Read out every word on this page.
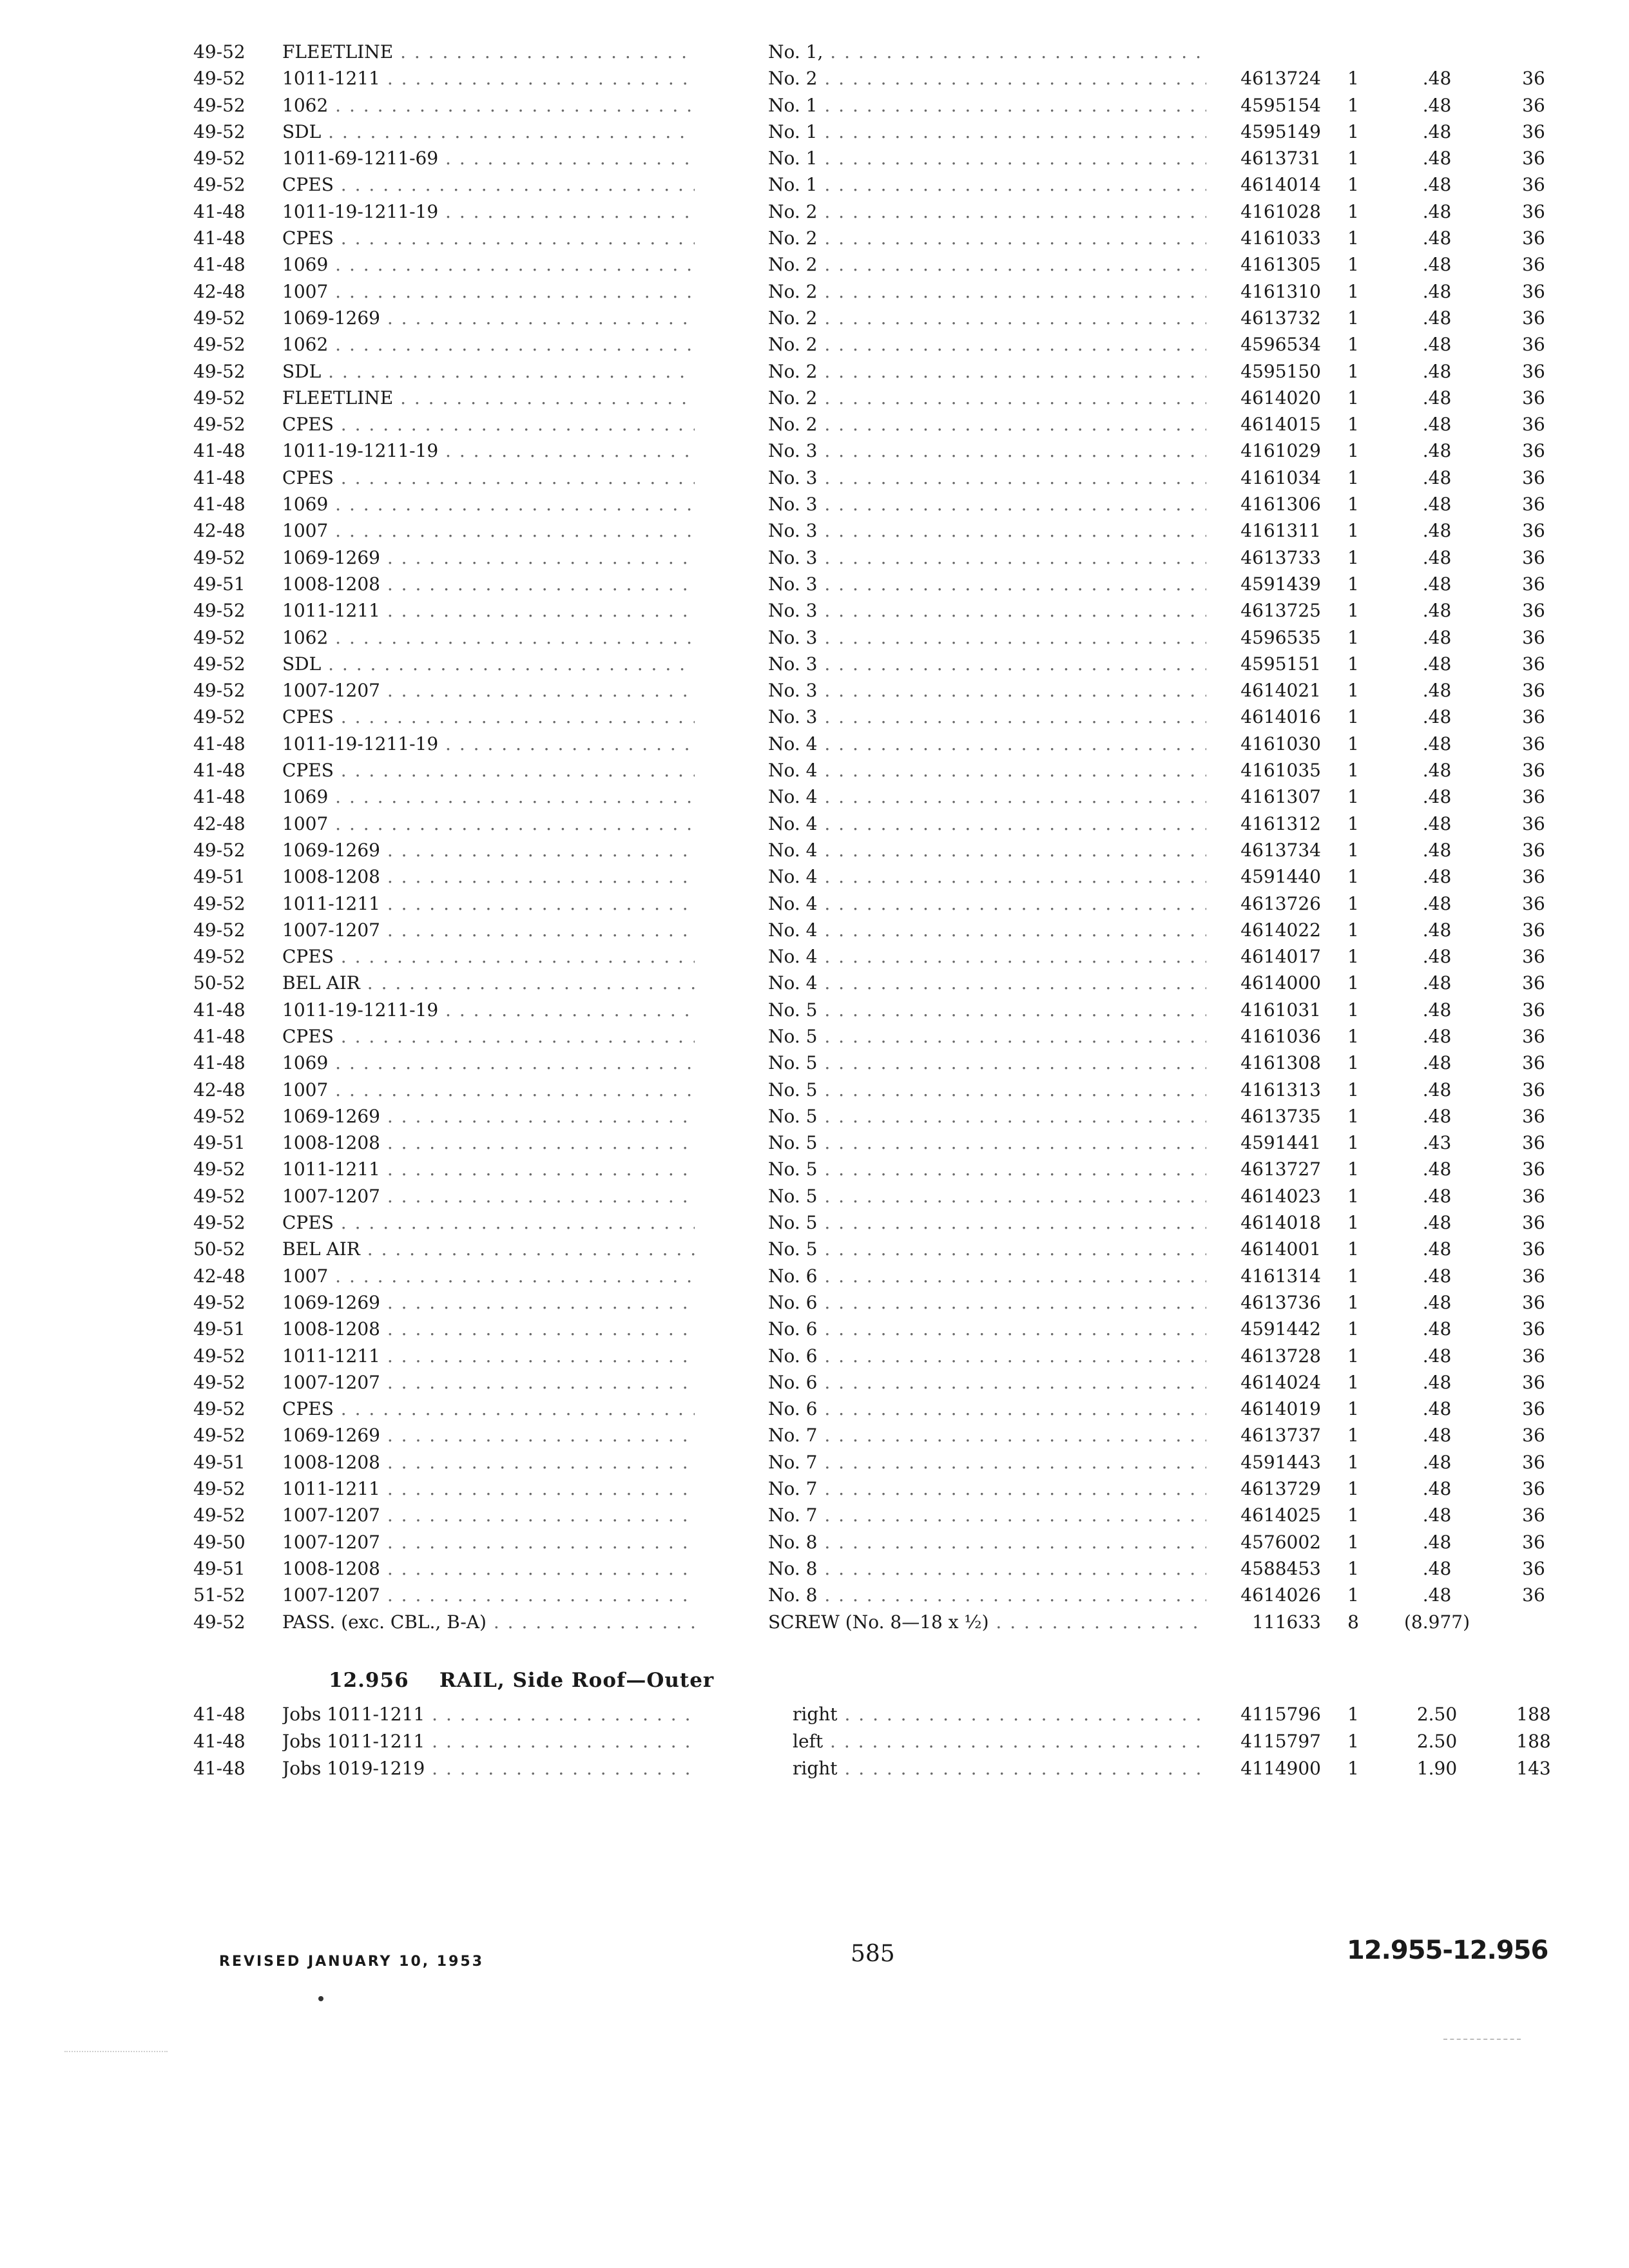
49-52	FLEETLINE . . .	No. 1, . . .
49-52	1011-1211 . . .	No. 2 . . .	4613724	1	.48	36
49-52	1062 . . .	No. 1 . . .	4595154	1	.48	36
49-52	SDL . . .	No. 1 . . .	4595149	1	.48	36
49-52	1011-69-1211-69 . . .	No. 1 . . .	4613731	1	.48	36
49-52	CPES . . .	No. 1 . . .	4614014	1	.48	36
41-48	1011-19-1211-19 . . .	No. 2 . . .	4161028	1	.48	36
41-48	CPES . . .	No. 2 . . .	4161033	1	.48	36
41-48	1069 . . .	No. 2 . . .	4161305	1	.48	36
42-48	1007 . . .	No. 2 . . .	4161310	1	.48	36
49-52	1069-1269 . . .	No. 2 . . .	4613732	1	.48	36
49-52	1062 . . .	No. 2 . . .	4596534	1	.48	36
49-52	SDL . . .	No. 2 . . .	4595150	1	.48	36
49-52	FLEETLINE . . .	No. 2 . . .	4614020	1	.48	36
49-52	CPES . . .	No. 2 . . .	4614015	1	.48	36
41-48	1011-19-1211-19 . . .	No. 3 . . .	4161029	1	.48	36
41-48	CPES . . .	No. 3 . . .	4161034	1	.48	36
41-48	1069 . . .	No. 3 . . .	4161306	1	.48	36
42-48	1007 . . .	No. 3 . . .	4161311	1	.48	36
49-52	1069-1269 . . .	No. 3 . . .	4613733	1	.48	36
49-51	1008-1208 . . .	No. 3 . . .	4591439	1	.48	36
49-52	1011-1211 . . .	No. 3 . . .	4613725	1	.48	36
49-52	1062 . . .	No. 3 . . .	4596535	1	.48	36
49-52	SDL . . .	No. 3 . . .	4595151	1	.48	36
49-52	1007-1207 . . .	No. 3 . . .	4614021	1	.48	36
49-52	CPES . . .	No. 3 . . .	4614016	1	.48	36
41-48	1011-19-1211-19 . . .	No. 4 . . .	4161030	1	.48	36
41-48	CPES . . .	No. 4 . . .	4161035	1	.48	36
41-48	1069 . . .	No. 4 . . .	4161307	1	.48	36
42-48	1007 . . .	No. 4 . . .	4161312	1	.48	36
49-52	1069-1269 . . .	No. 4 . . .	4613734	1	.48	36
49-51	1008-1208 . . .	No. 4 . . .	4591440	1	.48	36
49-52	1011-1211 . . .	No. 4 . . .	4613726	1	.48	36
49-52	1007-1207 . . .	No. 4 . . .	4614022	1	.48	36
49-52	CPES . . .	No. 4 . . .	4614017	1	.48	36
50-52	BEL AIR . . .	No. 4 . . .	4614000	1	.48	36
41-48	1011-19-1211-19 . . .	No. 5 . . .	4161031	1	.48	36
41-48	CPES . . .	No. 5 . . .	4161036	1	.48	36
41-48	1069 . . .	No. 5 . . .	4161308	1	.48	36
42-48	1007 . . .	No. 5 . . .	4161313	1	.48	36
49-52	1069-1269 . . .	No. 5 . . .	4613735	1	.48	36
49-51	1008-1208 . . .	No. 5 . . .	4591441	1	.43	36
49-52	1011-1211 . . .	No. 5 . . .	4613727	1	.48	36
49-52	1007-1207 . . .	No. 5 . . .	4614023	1	.48	36
49-52	CPES . . .	No. 5 . . .	4614018	1	.48	36
50-52	BEL AIR . . .	No. 5 . . .	4614001	1	.48	36
42-48	1007 . . .	No. 6 . . .	4161314	1	.48	36
49-52	1069-1269 . . .	No. 6 . . .	4613736	1	.48	36
49-51	1008-1208 . . .	No. 6 . . .	4591442	1	.48	36
49-52	1011-1211 . . .	No. 6 . . .	4613728	1	.48	36
49-52	1007-1207 . . .	No. 6 . . .	4614024	1	.48	36
49-52	CPES . . .	No. 6 . . .	4614019	1	.48	36
49-52	1069-1269 . . .	No. 7 . . .	4613737	1	.48	36
49-51	1008-1208 . . .	No. 7 . . .	4591443	1	.48	36
49-52	1011-1211 . . .	No. 7 . . .	4613729	1	.48	36
49-52	1007-1207 . . .	No. 7 . . .	4614025	1	.48	36
49-50	1007-1207 . . .	No. 8 . . .	4576002	1	.48	36
49-51	1008-1208 . . .	No. 8 . . .	4588453	1	.48	36
51-52	1007-1207 . . .	No. 8 . . .	4614026	1	.48	36
49-52	PASS. (exc. CBL., B-A) . . .	SCREW (No. 8—18 x ½) . . .	111633	8	(8.977)
12.956 RAIL, Side Roof—Outer
41-48	Jobs 1011-1211 . . .	right . . .	4115796	1	2.50	188
41-48	Jobs 1011-1211 . . .	left . . .	4115797	1	2.50	188
41-48	Jobs 1019-1219 . . .	right . . .	4114900	1	1.90	143
REVISED JANUARY 10, 1953	585	12.955-12.956
